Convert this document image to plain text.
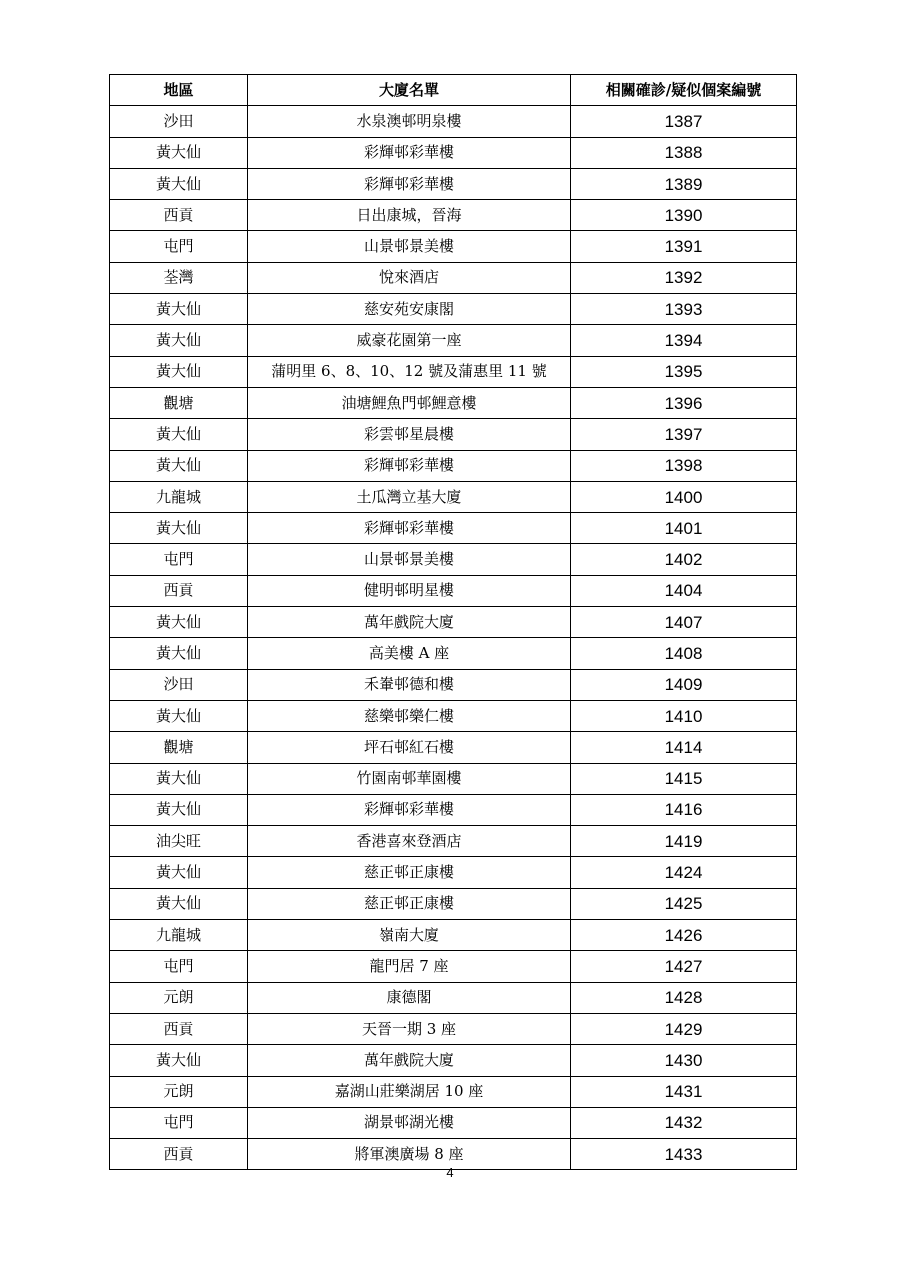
地區	大廈名單	相關確診/疑似個案編號
沙田	水泉澳邨明泉樓	1387
黃大仙	彩輝邨彩華樓	1388
黃大仙	彩輝邨彩華樓	1389
西貢	日出康城，晉海	1390
屯門	山景邨景美樓	1391
荃灣	悅來酒店	1392
黃大仙	慈安苑安康閣	1393
黃大仙	威豪花園第一座	1394
黃大仙	蒲明里 6、8、10、12 號及蒲惠里 11 號	1395
觀塘	油塘鯉魚門邨鯉意樓	1396
黃大仙	彩雲邨星晨樓	1397
黃大仙	彩輝邨彩華樓	1398
九龍城	土瓜灣立基大廈	1400
黃大仙	彩輝邨彩華樓	1401
屯門	山景邨景美樓	1402
西貢	健明邨明星樓	1404
黃大仙	萬年戲院大廈	1407
黃大仙	高美樓 A 座	1408
沙田	禾輋邨德和樓	1409
黃大仙	慈樂邨樂仁樓	1410
觀塘	坪石邨紅石樓	1414
黃大仙	竹園南邨華園樓	1415
黃大仙	彩輝邨彩華樓	1416
油尖旺	香港喜來登酒店	1419
黃大仙	慈正邨正康樓	1424
黃大仙	慈正邨正康樓	1425
九龍城	嶺南大廈	1426
屯門	龍門居 7 座	1427
元朗	康德閣	1428
西貢	天晉一期 3 座	1429
黃大仙	萬年戲院大廈	1430
元朗	嘉湖山莊樂湖居 10 座	1431
屯門	湖景邨湖光樓	1432
西貢	將軍澳廣場 8 座	1433
4
